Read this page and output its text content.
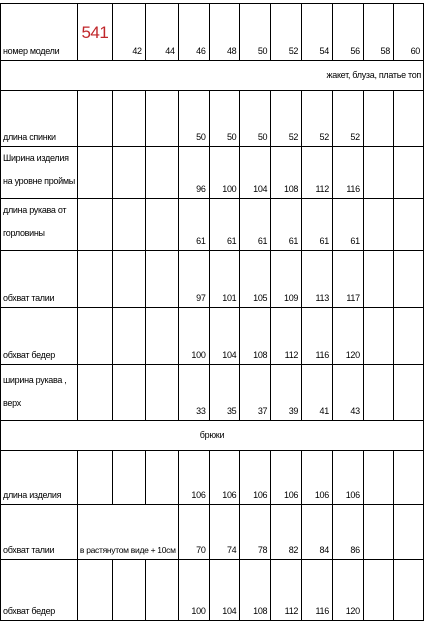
номер модели	541	42	44	46	48	50	52	54	56	58	60
жакет, блуза, платье топ											
длина спинки				50	50	50	52	52	52		

Ширина изделия
на уровне проймы				96	100	104	108	112	116		

длина рукава от
горловины				61	61	61	61	61	61		
обхват талии				97	101	105	109	113	117		
обхват бедер				100	104	108	112	116	120		

ширина рукава ,
верх				33	35	37	39	41	43		
брюки											
длина изделия				106	106	106	106	106	106		
обхват талии	в растянутом виде + 10см			70	74	78	82	84	86		
обхват бедер				100	104	108	112	116	120		
